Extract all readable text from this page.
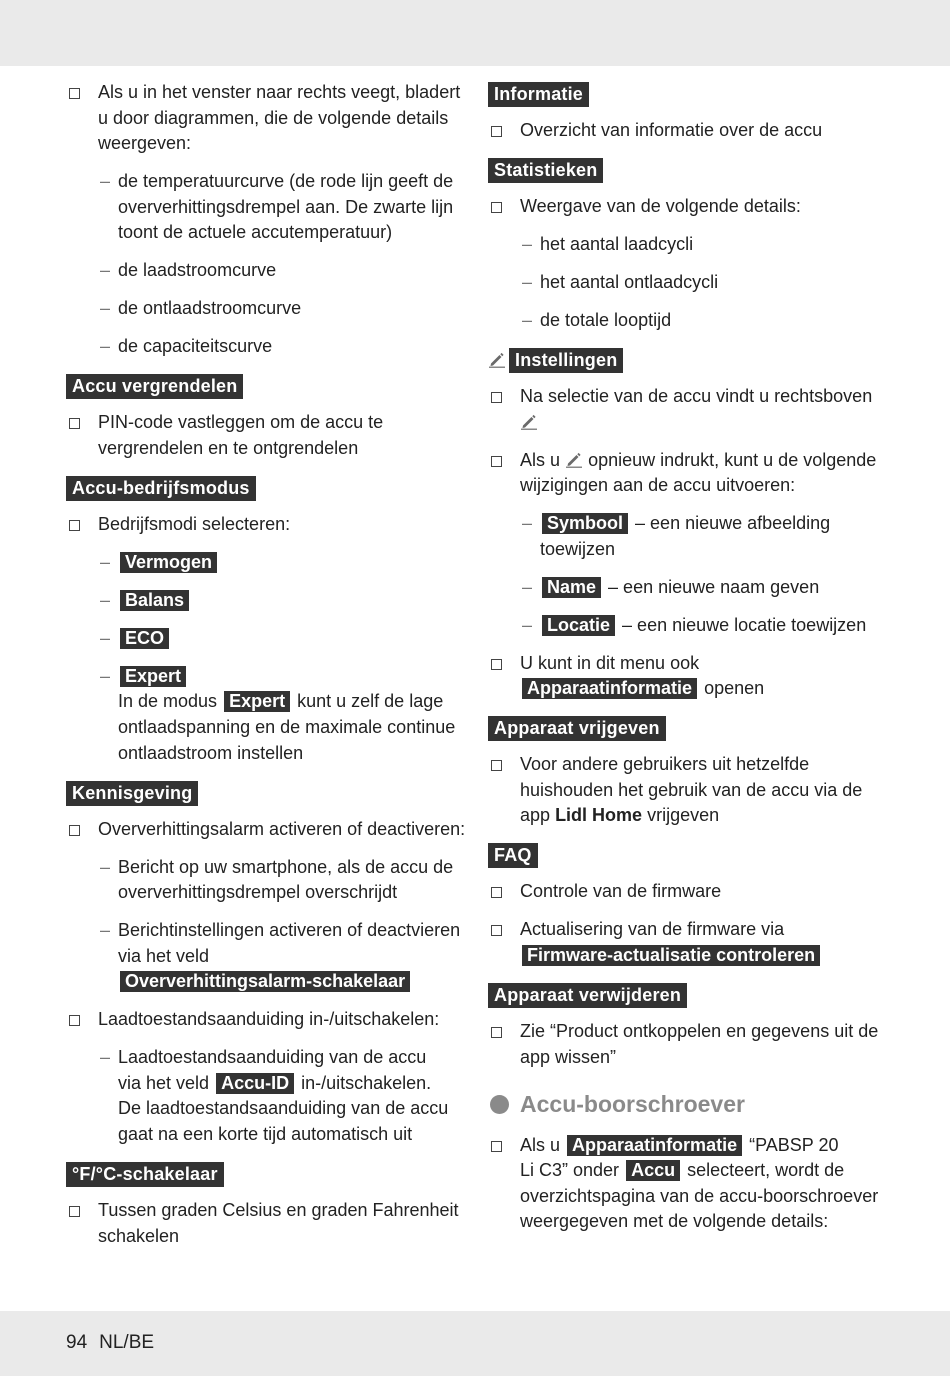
Als u in het venster naar rechts veegt, bladert
u door diagrammen, die de volgende details
weergeven:
– de temperatuurcurve (de rode lijn geeft de
oververhittingsdrempel aan. De zwarte lijn
toont de actuele accutemperatuur)
– de laadstroomcurve
– de ontlaadstroomcurve
– de capaciteitscurve
Accu vergrendelen
PIN-code vastleggen om de accu te
vergrendelen en te ontgrendelen
Accu-bedrijfsmodus
Bedrijfsmodi selecteren:
– Vermogen
– Balans
– ECO
– Expert
In de modus Expert kunt u zelf de lage
ontlaadspanning en de maximale continue
ontlaadstroom instellen
Kennisgeving
Oververhittingsalarm activeren of deactiveren:
– Bericht op uw smartphone, als de accu de
oververhittingsdrempel overschrijdt
– Berichtinstellingen activeren of deactvieren
via het veld
Oververhittingsalarm-schakelaar
Laadtoestandsaanduiding in-/uitschakelen:
– Laadtoestandsaanduiding van de accu
via het veld Accu-ID in-/uitschakelen.
De laadtoestandsaanduiding van de accu
gaat na een korte tijd automatisch uit
°F/°C-schakelaar
Tussen graden Celsius en graden Fahrenheit
schakelen
Informatie
Overzicht van informatie over de accu
Statistieken
Weergave van de volgende details:
– het aantal laadcycli
– het aantal ontlaadcycli
– de totale looptijd
Instellingen
Na selectie van de accu vindt u rechtsboven
Als u opnieuw indrukt, kunt u de volgende
wijzigingen aan de accu uitvoeren:
– Symbool – een nieuwe afbeelding
toewijzen
– Name – een nieuwe naam geven
– Locatie – een nieuwe locatie toewijzen
U kunt in dit menu ook
Apparaatinformatie openen
Apparaat vrijgeven
Voor andere gebruikers uit hetzelfde
huishouden het gebruik van de accu via de
app Lidl Home vrijgeven
FAQ
Controle van de firmware
Actualisering van de firmware via
Firmware-actualisatie controleren
Apparaat verwijderen
Zie “Product ontkoppelen en gegevens uit de
app wissen”
Accu-boorschroever
Als u Apparaatinformatie “PABSP 20
Li C3” onder Accu selecteert, wordt de
overzichtspagina van de accu-boorschroever
weergegeven met de volgende details:
94 NL/BE
